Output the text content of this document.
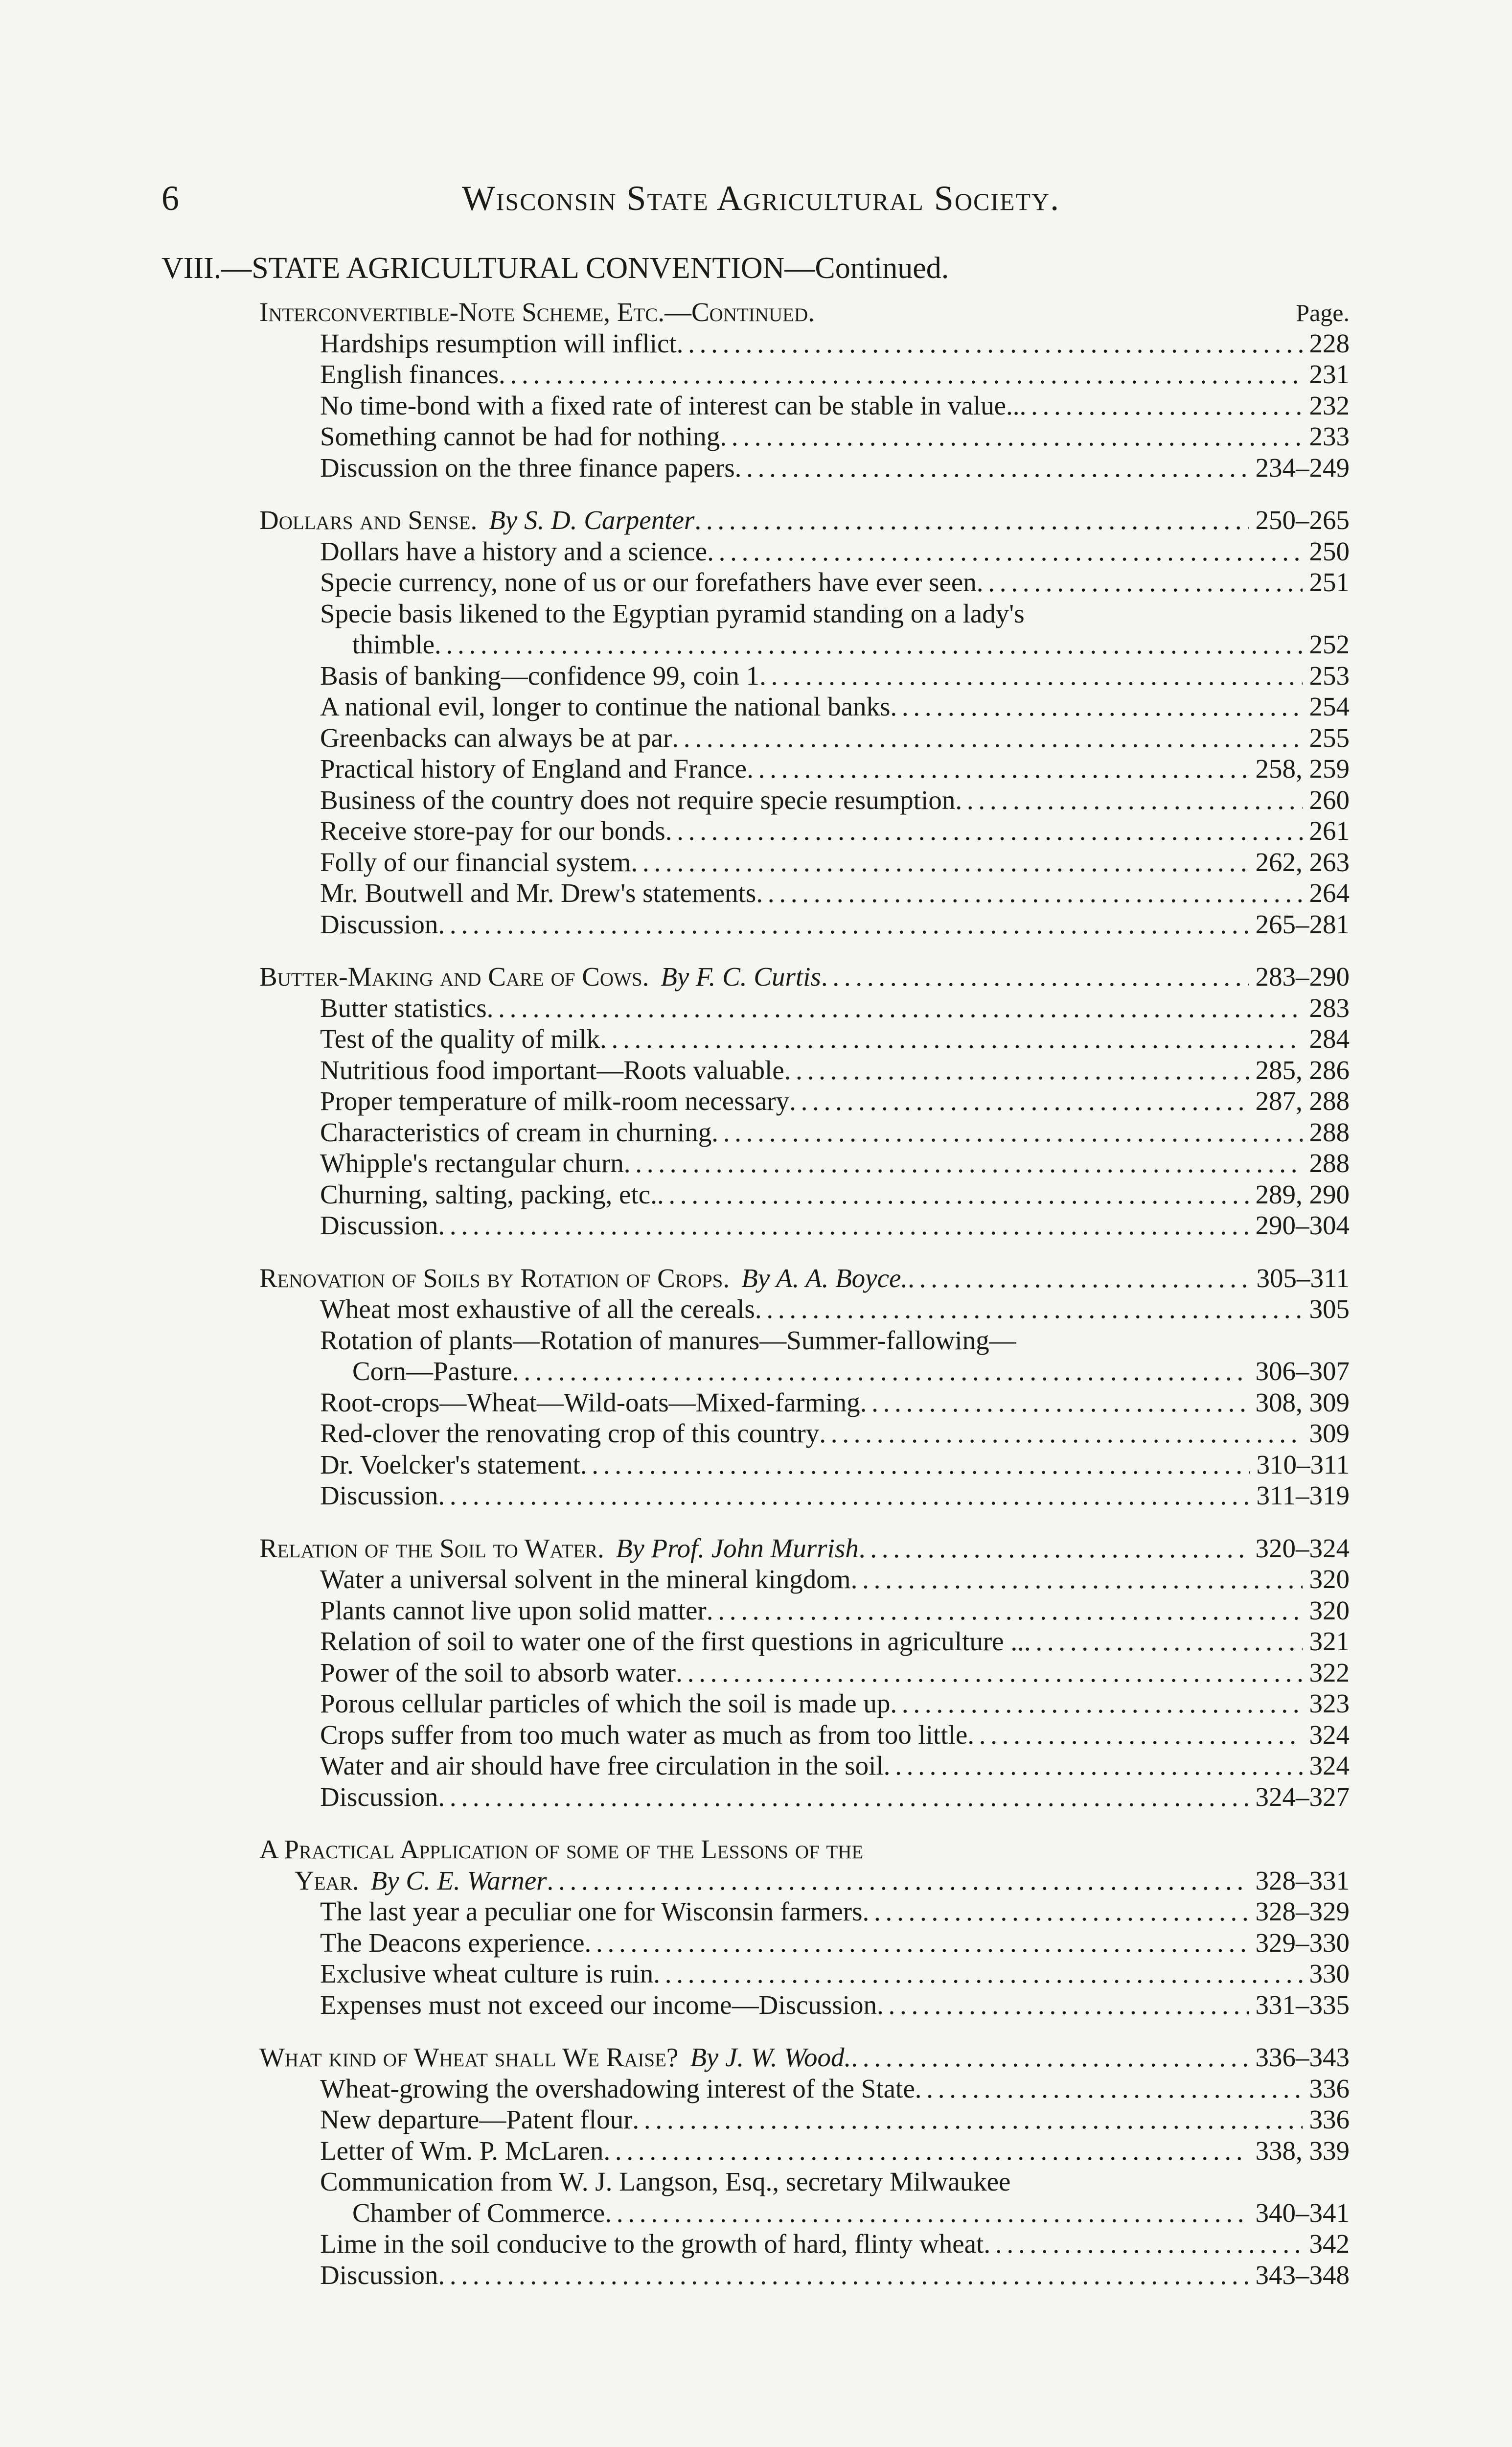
6	Wisconsin State Agricultural Society.
VIII.—STATE AGRICULTURAL CONVENTION—Continued.
Interconvertible-Note Scheme, Etc.—Continued.	Page.
Hardships resumption will inflict . . .	228
English finances . . .	231
No time-bond with a fixed rate of interest can be stable in value.. . . .	232
Something cannot be had for nothing . . .	233
Discussion on the three finance papers . . .	234–249
Dollars and Sense. By S. D. Carpenter . . .	250–265
Dollars have a history and a science . . .	250
Specie currency, none of us or our forefathers have ever seen . . .	251
Specie basis likened to the Egyptian pyramid standing on a lady's
thimble . . .	252
Basis of banking—confidence 99, coin 1 . . .	253
A national evil, longer to continue the national banks . . .	254
Greenbacks can always be at par . . .	255
Practical history of England and France . . .	258, 259
Business of the country does not require specie resumption . . .	260
Receive store-pay for our bonds . . .	261
Folly of our financial system . . .	262, 263
Mr. Boutwell and Mr. Drew's statements . . .	264
Discussion . . .	265–281
Butter-Making and Care of Cows. By F. C. Curtis . . .	283–290
Butter statistics . . .	283
Test of the quality of milk . . .	284
Nutritious food important—Roots valuable . . .	285, 286
Proper temperature of milk-room necessary . . .	287, 288
Characteristics of cream in churning . . .	288
Whipple's rectangular churn . . .	288
Churning, salting, packing, etc. . . .	289, 290
Discussion . . .	290–304
Renovation of Soils by Rotation of Crops. By A. A. Boyce. . . .	305–311
Wheat most exhaustive of all the cereals . . .	305
Rotation of plants—Rotation of manures—Summer-fallowing—
Corn—Pasture . . .	306–307
Root-crops—Wheat—Wild-oats—Mixed-farming . . .	308, 309
Red-clover the renovating crop of this country . . .	309
Dr. Voelcker's statement . . .	310–311
Discussion . . .	311–319
Relation of the Soil to Water. By Prof. John Murrish . . .	320–324
Water a universal solvent in the mineral kingdom . . .	320
Plants cannot live upon solid matter . . .	320
Relation of soil to water one of the first questions in agriculture .. . . .	321
Power of the soil to absorb water . . .	322
Porous cellular particles of which the soil is made up . . .	323
Crops suffer from too much water as much as from too little . . .	324
Water and air should have free circulation in the soil . . .	324
Discussion . . .	324–327
A Practical Application of some of the Lessons of the
Year. By C. E. Warner . . .	328–331
The last year a peculiar one for Wisconsin farmers . . .	328–329
The Deacons experience . . .	329–330
Exclusive wheat culture is ruin . . .	330
Expenses must not exceed our income—Discussion . . .	331–335
What kind of Wheat shall We Raise? By J. W. Wood. . . .	336–343
Wheat-growing the overshadowing interest of the State . . .	336
New departure—Patent flour . . .	336
Letter of Wm. P. McLaren . . .	338, 339
Communication from W. J. Langson, Esq., secretary Milwaukee
Chamber of Commerce . . .	340–341
Lime in the soil conducive to the growth of hard, flinty wheat . . .	342
Discussion . . .	343–348
